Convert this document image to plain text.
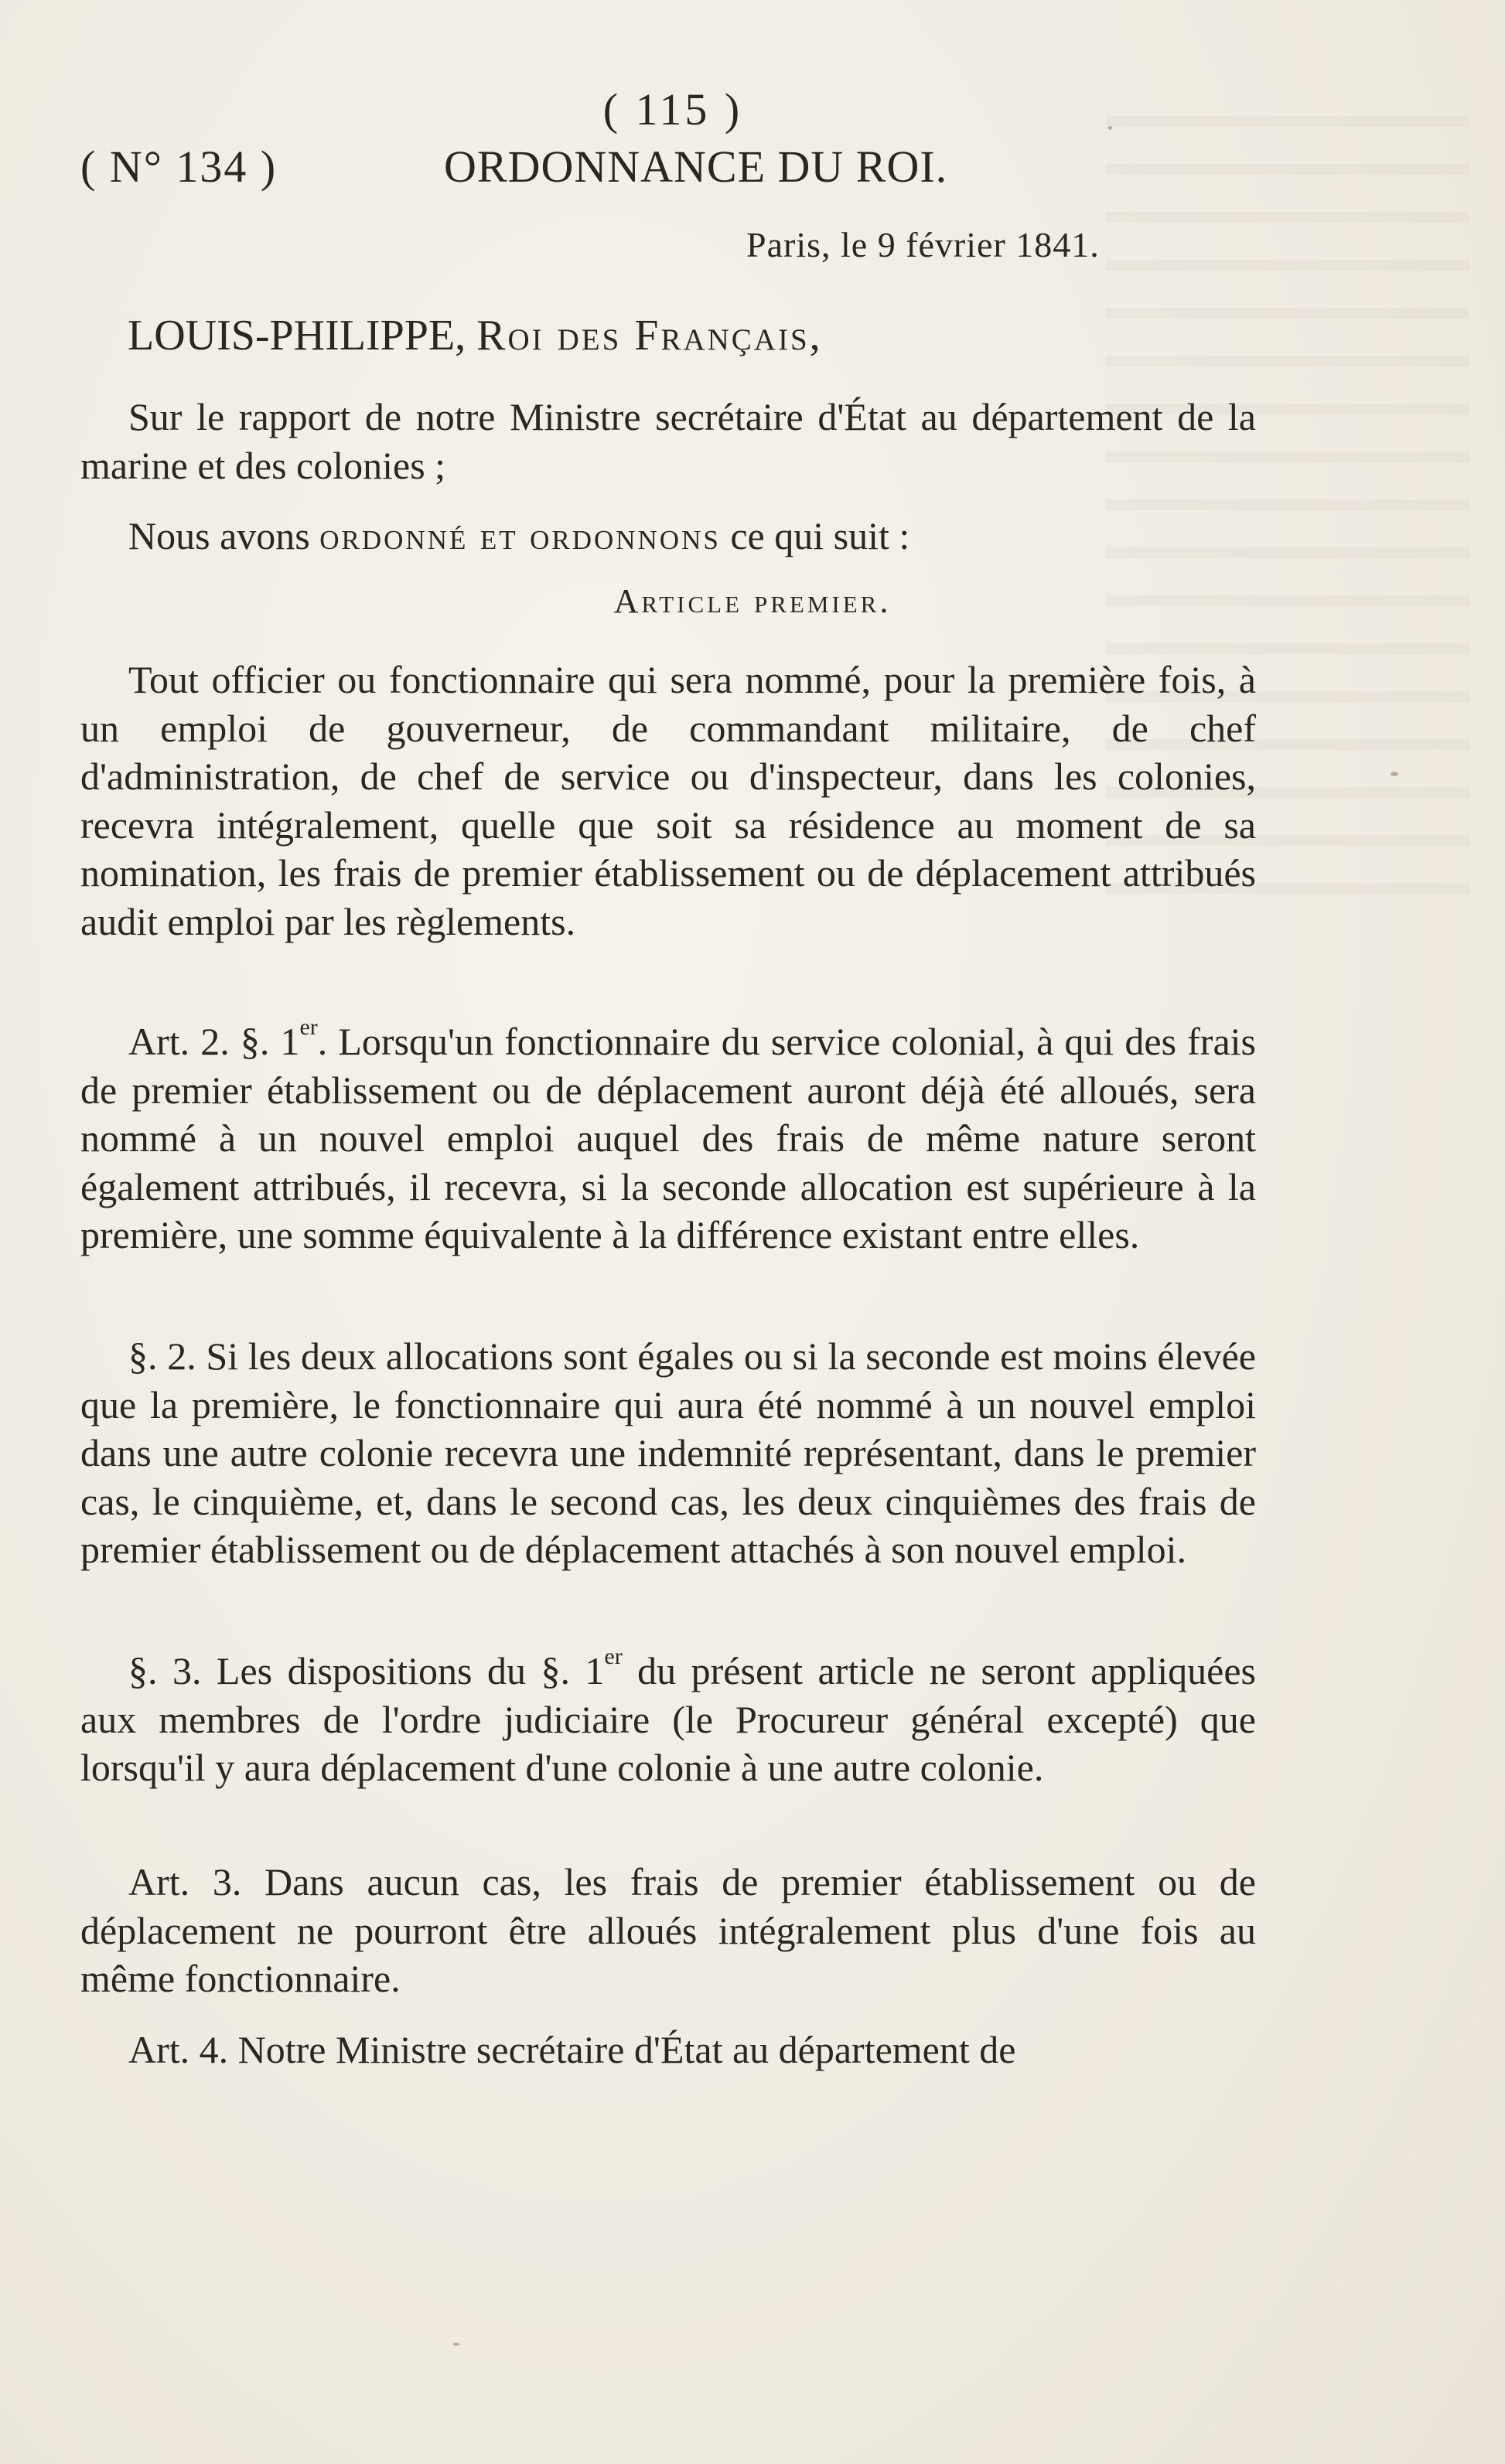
( 115 )
( N° 134 )	ORDONNANCE DU ROI.
Paris, le 9 février 1841.
LOUIS-PHILIPPE, Roi des Français,

Sur le rapport de notre Ministre secrétaire d'État au département de la marine et des colonies ;

Nous avons ordonné et ordonnons ce qui suit :

Article premier.

Tout officier ou fonctionnaire qui sera nommé, pour la première fois, à un emploi de gouverneur, de commandant militaire, de chef d'administration, de chef de service ou d'inspecteur, dans les colonies, recevra intégralement, quelle que soit sa résidence au moment de sa nomination, les frais de premier établissement ou de déplacement attribués audit emploi par les règlements.

Art. 2. §. 1er. Lorsqu'un fonctionnaire du service colonial, à qui des frais de premier établissement ou de déplacement auront déjà été alloués, sera nommé à un nouvel emploi auquel des frais de même nature seront également attribués, il recevra, si la seconde allocation est supérieure à la première, une somme équivalente à la différence existant entre elles.

§. 2. Si les deux allocations sont égales ou si la seconde est moins élevée que la première, le fonctionnaire qui aura été nommé à un nouvel emploi dans une autre colonie recevra une indemnité représentant, dans le premier cas, le cinquième, et, dans le second cas, les deux cinquièmes des frais de premier établissement ou de déplacement attachés à son nouvel emploi.

§. 3. Les dispositions du §. 1er du présent article ne seront appliquées aux membres de l'ordre judiciaire (le Procureur général excepté) que lorsqu'il y aura déplacement d'une colonie à une autre colonie.

Art. 3. Dans aucun cas, les frais de premier établissement ou de déplacement ne pourront être alloués intégralement plus d'une fois au même fonctionnaire.

Art. 4. Notre Ministre secrétaire d'État au département de
